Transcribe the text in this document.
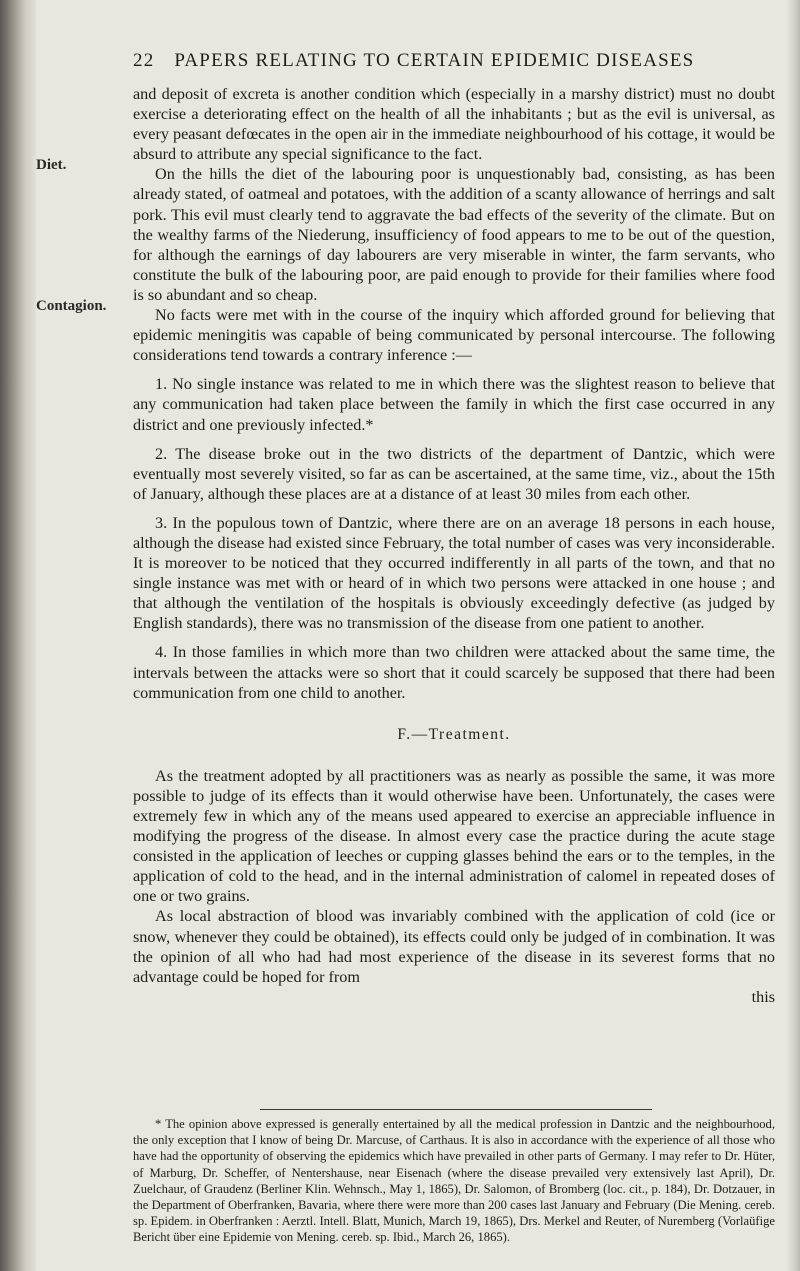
22 PAPERS RELATING TO CERTAIN EPIDEMIC DISEASES
Diet.
Contagion.

and deposit of excreta is another condition which (especially in a marshy district) must no doubt exercise a deteriorating effect on the health of all the inhabitants ; but as the evil is universal, as every peasant defœcates in the open air in the immediate neighbourhood of his cottage, it would be absurd to attribute any special significance to the fact.

On the hills the diet of the labouring poor is unquestionably bad, consisting, as has been already stated, of oatmeal and potatoes, with the addition of a scanty allowance of herrings and salt pork. This evil must clearly tend to aggravate the bad effects of the severity of the climate. But on the wealthy farms of the Niederung, insufficiency of food appears to me to be out of the question, for although the earnings of day labourers are very miserable in winter, the farm servants, who constitute the bulk of the labouring poor, are paid enough to provide for their families where food is so abundant and so cheap.

No facts were met with in the course of the inquiry which afforded ground for believing that epidemic meningitis was capable of being communicated by personal intercourse. The following considerations tend towards a contrary inference :—

1. No single instance was related to me in which there was the slightest reason to believe that any communication had taken place between the family in which the first case occurred in any district and one previously infected.*

2. The disease broke out in the two districts of the department of Dantzic, which were eventually most severely visited, so far as can be ascertained, at the same time, viz., about the 15th of January, although these places are at a distance of at least 30 miles from each other.

3. In the populous town of Dantzic, where there are on an average 18 persons in each house, although the disease had existed since February, the total number of cases was very inconsiderable. It is moreover to be noticed that they occurred indifferently in all parts of the town, and that no single instance was met with or heard of in which two persons were attacked in one house ; and that although the ventilation of the hospitals is obviously exceedingly defective (as judged by English standards), there was no transmission of the disease from one patient to another.

4. In those families in which more than two children were attacked about the same time, the intervals between the attacks were so short that it could scarcely be supposed that there had been communication from one child to another.

F.—Treatment.

As the treatment adopted by all practitioners was as nearly as possible the same, it was more possible to judge of its effects than it would otherwise have been. Unfortunately, the cases were extremely few in which any of the means used appeared to exercise an appreciable influence in modifying the progress of the disease. In almost every case the practice during the acute stage consisted in the application of leeches or cupping glasses behind the ears or to the temples, in the application of cold to the head, and in the internal administration of calomel in repeated doses of one or two grains.

As local abstraction of blood was invariably combined with the application of cold (ice or snow, whenever they could be obtained), its effects could only be judged of in combination. It was the opinion of all who had had most experience of the disease in its severest forms that no advantage could be hoped for from

this

* The opinion above expressed is generally entertained by all the medical profession in Dantzic and the neighbourhood, the only exception that I know of being Dr. Marcuse, of Carthaus. It is also in accordance with the experience of all those who have had the opportunity of observing the epidemics which have prevailed in other parts of Germany. I may refer to Dr. Hüter, of Marburg, Dr. Scheffer, of Nentershause, near Eisenach (where the disease prevailed very extensively last April), Dr. Zuelchaur, of Graudenz (Berliner Klin. Wehnsch., May 1, 1865), Dr. Salomon, of Bromberg (loc. cit., p. 184), Dr. Dotzauer, in the Department of Oberfranken, Bavaria, where there were more than 200 cases last January and February (Die Mening. cereb. sp. Epidem. in Oberfranken : Aerztl. Intell. Blatt, Munich, March 19, 1865), Drs. Merkel and Reuter, of Nuremberg (Vorlaüfige Bericht über eine Epidemie von Mening. cereb. sp. Ibid., March 26, 1865).
